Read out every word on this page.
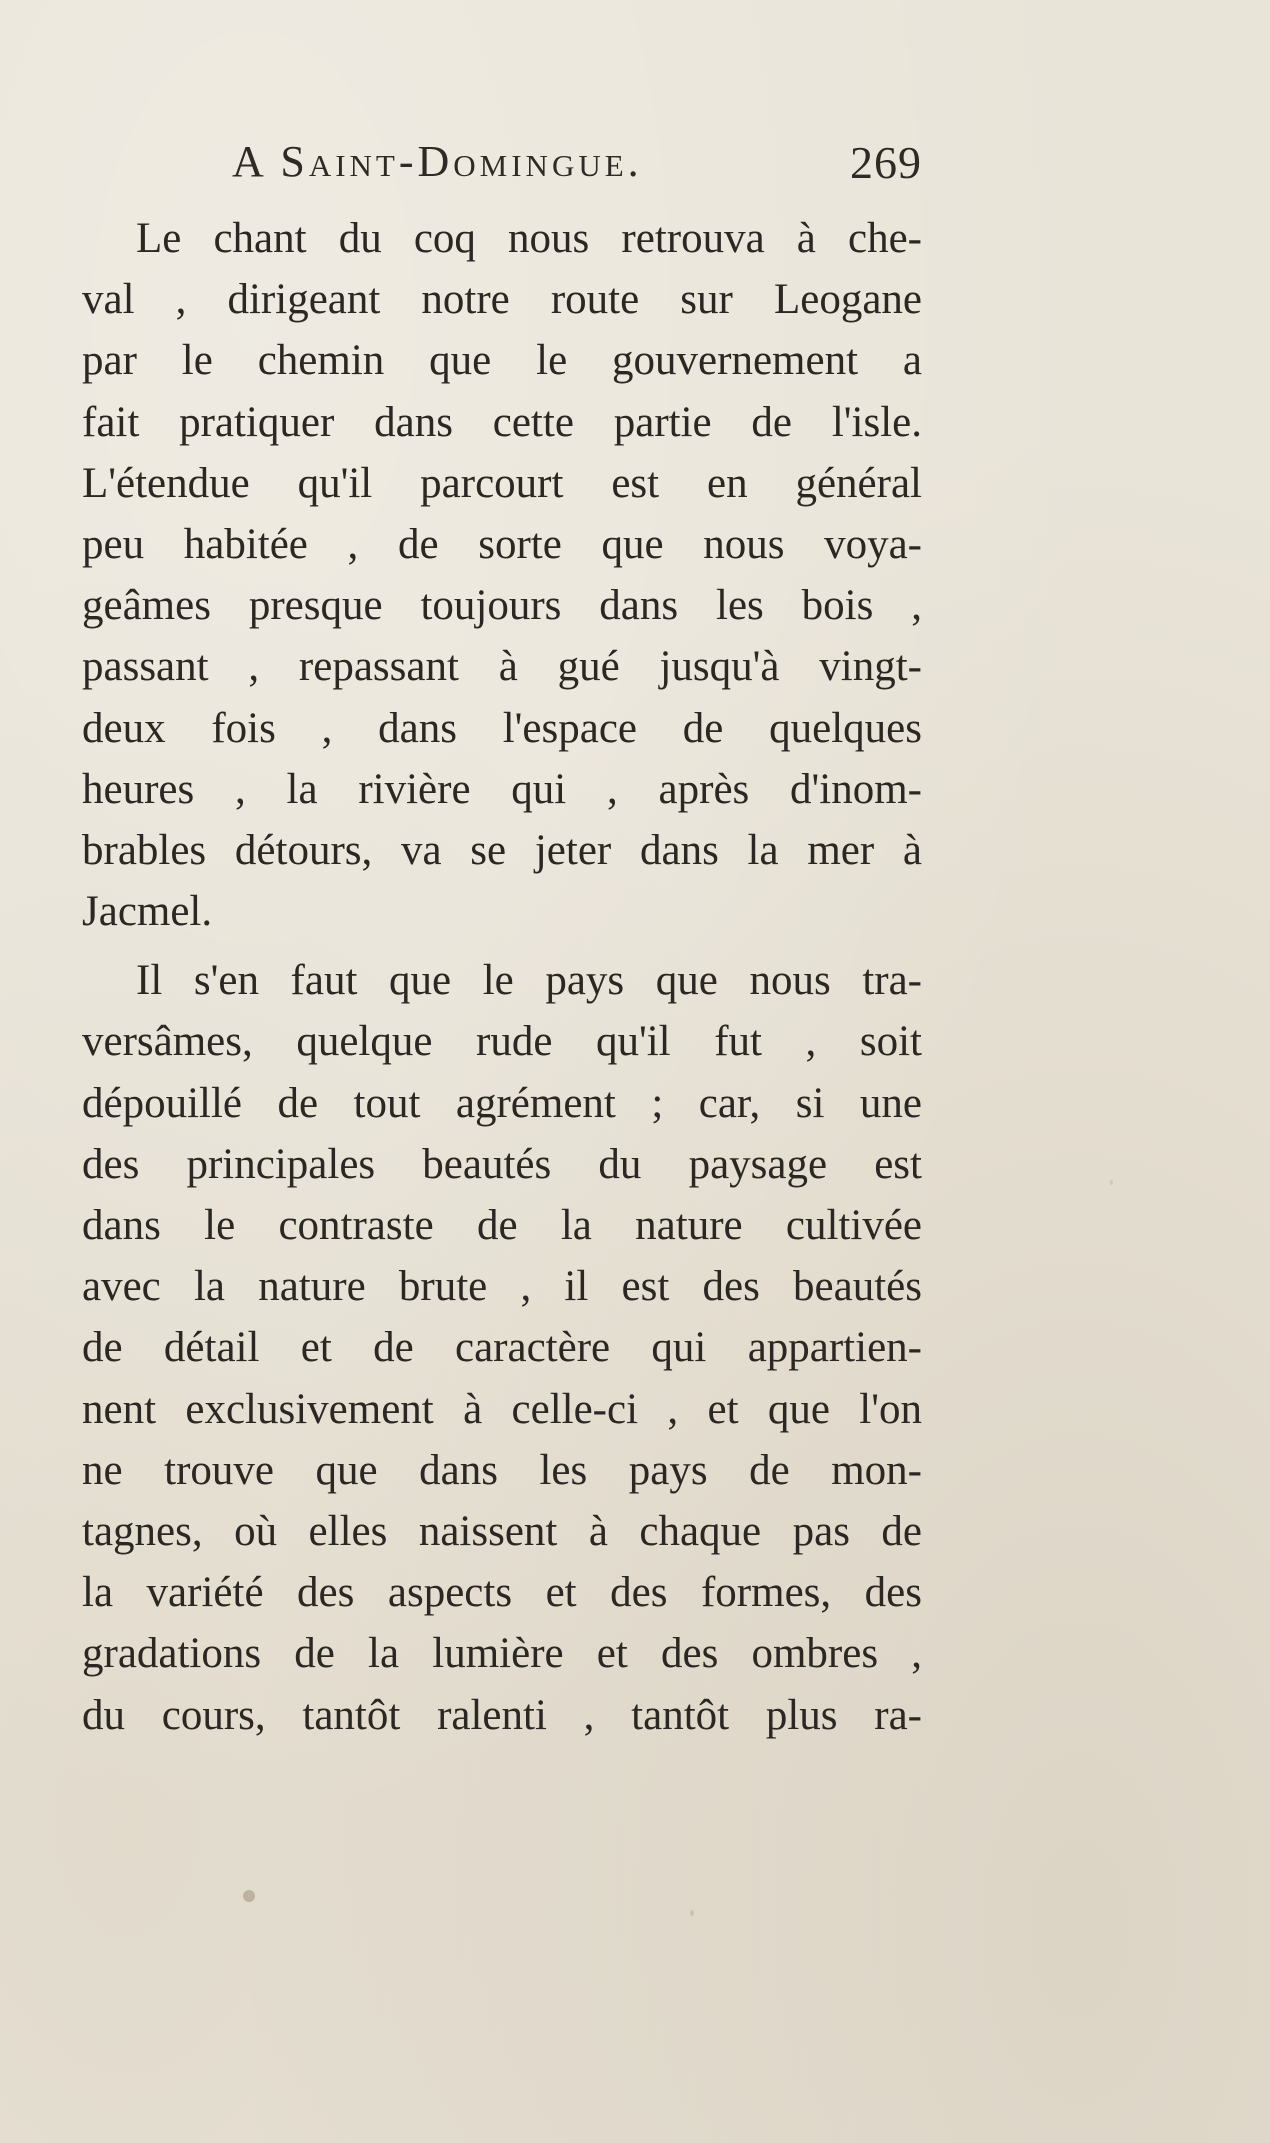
A Saint-Domingue.	269
Le chant du coq nous retrouva à che-
val , dirigeant notre route sur Leogane
par le chemin que le gouvernement a
fait pratiquer dans cette partie de l'isle.
L'étendue qu'il parcourt est en général
peu habitée , de sorte que nous voya-
geâmes presque toujours dans les bois ,
passant , repassant à gué jusqu'à vingt-
deux fois , dans l'espace de quelques
heures , la rivière qui , après d'inom-
brables détours, va se jeter dans la mer à
Jacmel.
Il s'en faut que le pays que nous tra-
versâmes, quelque rude qu'il fut , soit
dépouillé de tout agrément ; car, si une
des principales beautés du paysage est
dans le contraste de la nature cultivée
avec la nature brute , il est des beautés
de détail et de caractère qui appartien-
nent exclusivement à celle-ci , et que l'on
ne trouve que dans les pays de mon-
tagnes, où elles naissent à chaque pas de
la variété des aspects et des formes, des
gradations de la lumière et des ombres ,
du cours, tantôt ralenti , tantôt plus ra-
